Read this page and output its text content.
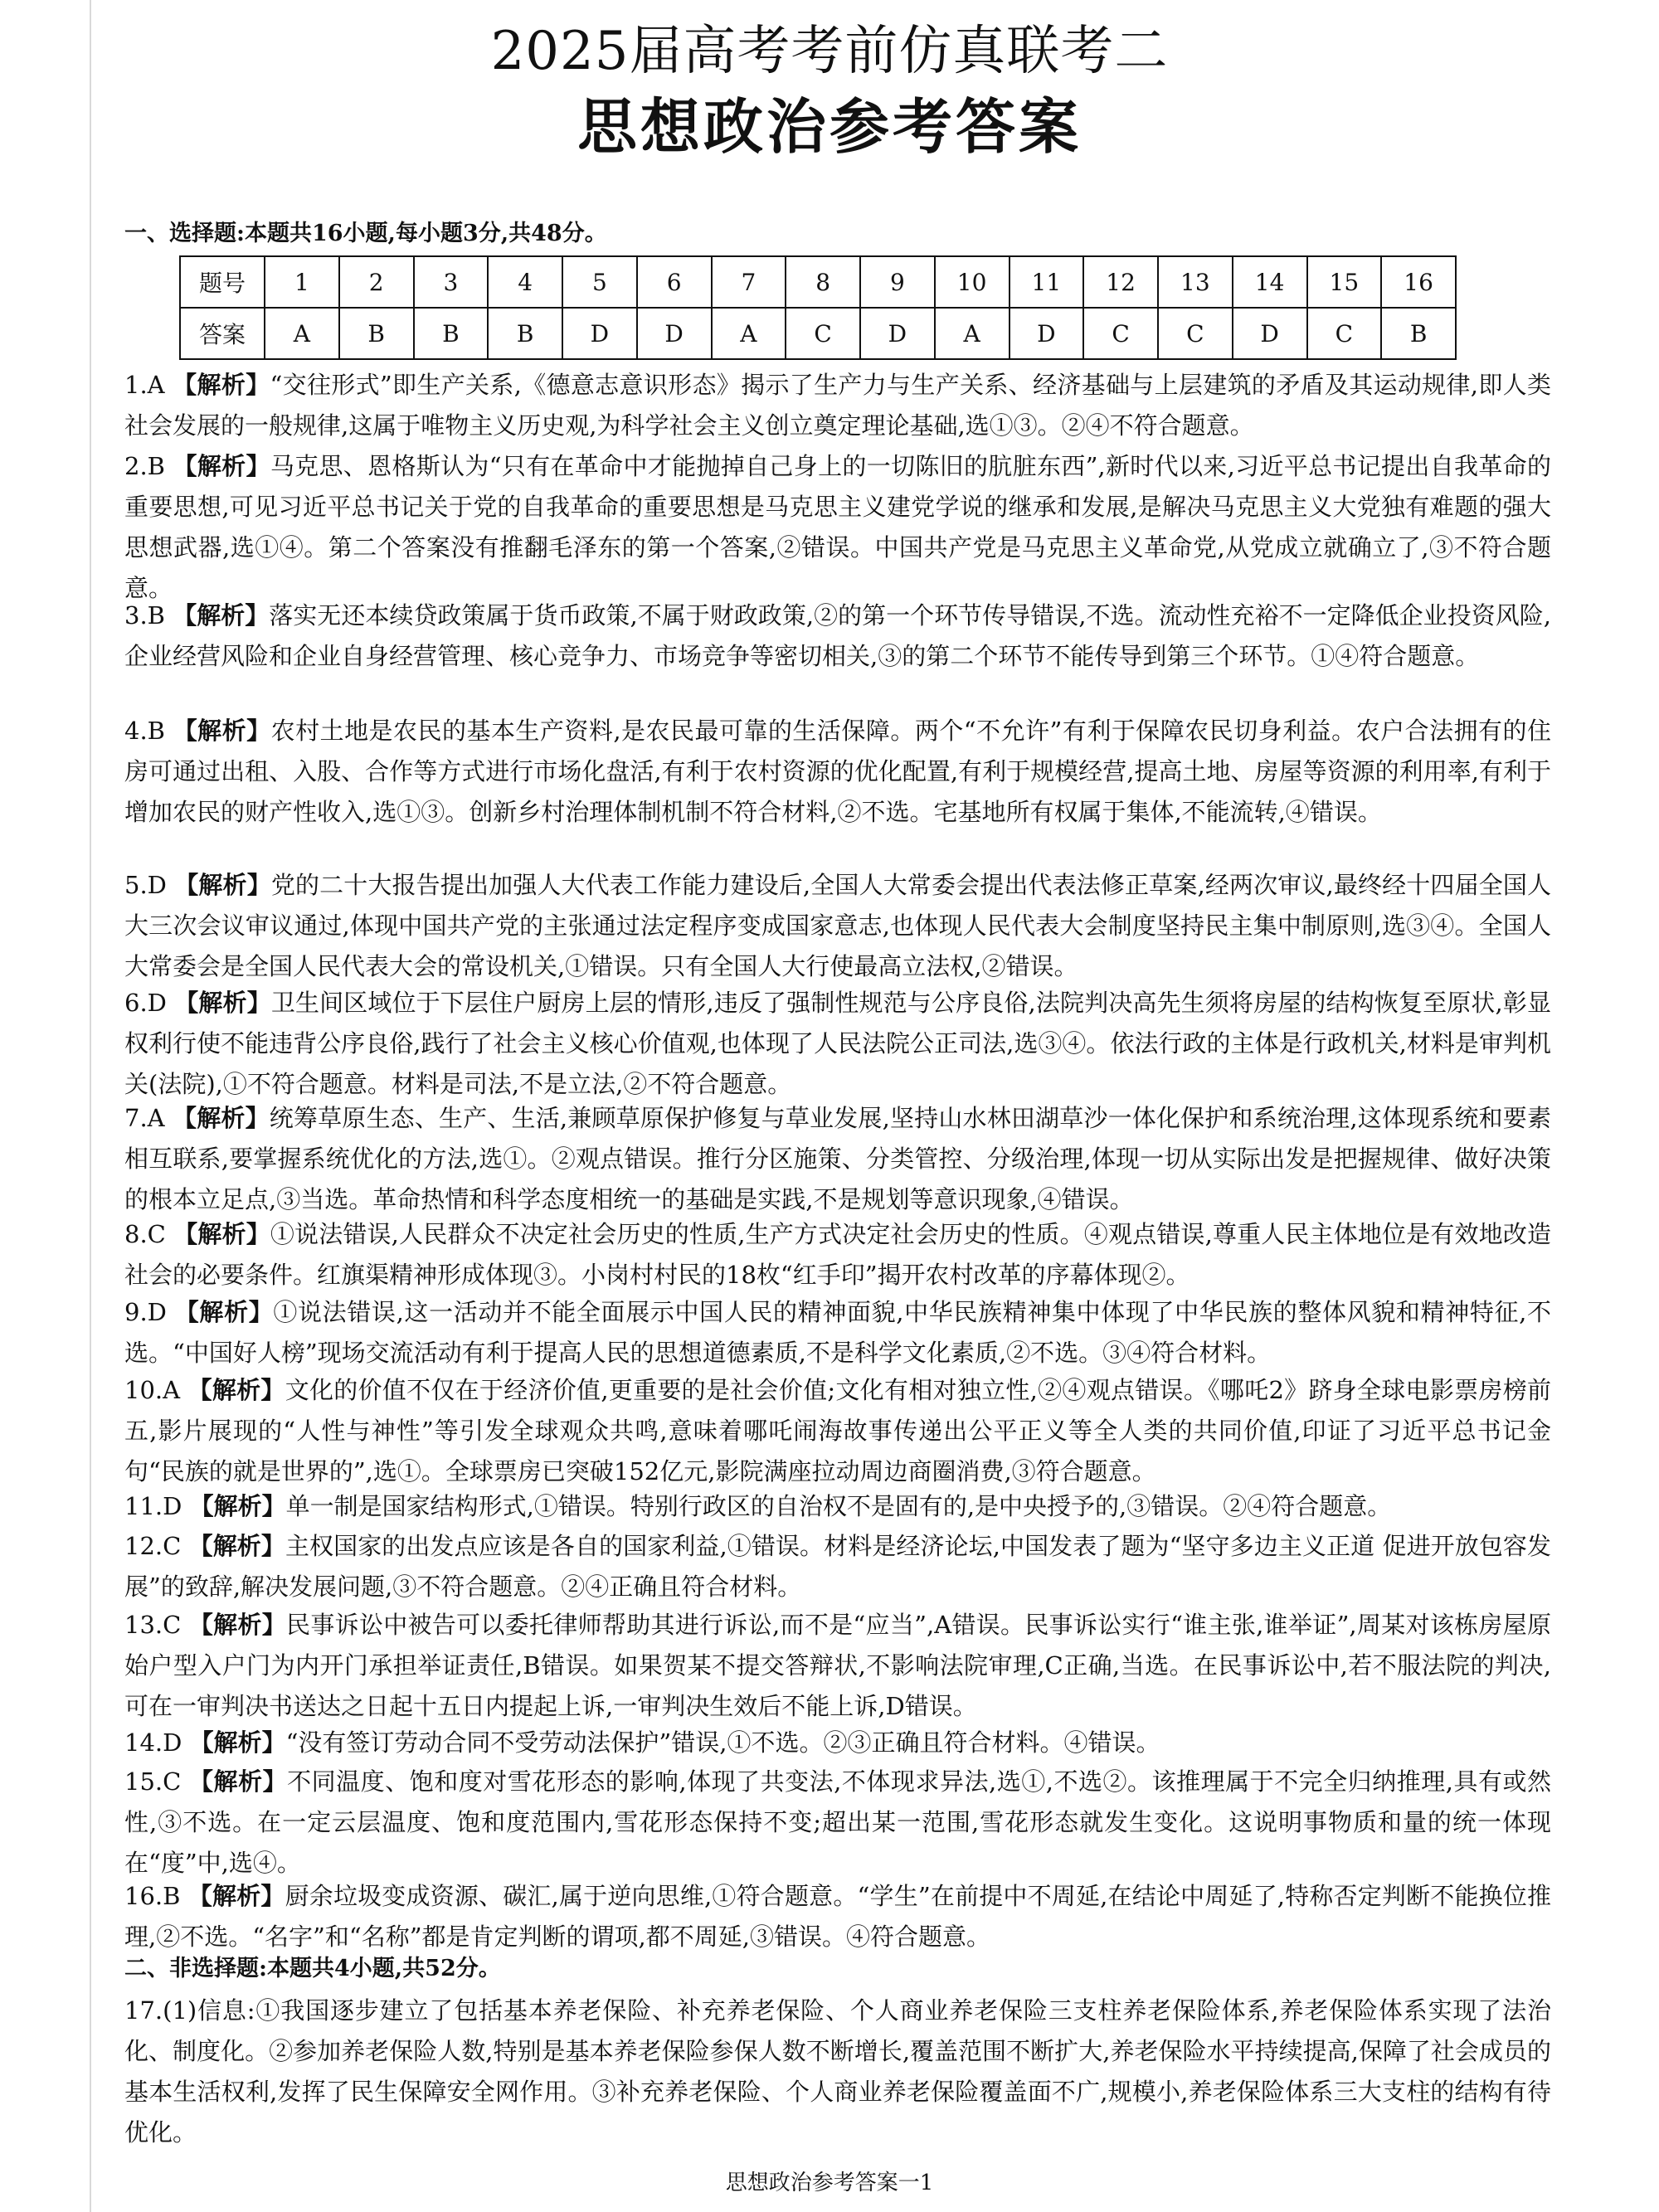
2025届高考考前仿真联考二
思想政治参考答案
一、选择题:本题共16小题,每小题3分,共48分。
题号	1	2	3	4	5	6	7	8	9	10	11	12	13	14	15	16
答案	A	B	B	B	D	D	A	C	D	A	D	C	C	D	C	B
1.A 【解析】“交往形式”即生产关系,《德意志意识形态》揭示了生产力与生产关系、经济基础与上层建筑的矛盾及其运动规律,即人类社会发展的一般规律,这属于唯物主义历史观,为科学社会主义创立奠定理论基础,选①③。②④不符合题意。
2.B 【解析】马克思、恩格斯认为“只有在革命中才能抛掉自己身上的一切陈旧的肮脏东西”,新时代以来,习近平总书记提出自我革命的重要思想,可见习近平总书记关于党的自我革命的重要思想是马克思主义建党学说的继承和发展,是解决马克思主义大党独有难题的强大思想武器,选①④。第二个答案没有推翻毛泽东的第一个答案,②错误。中国共产党是马克思主义革命党,从党成立就确立了,③不符合题意。
3.B 【解析】落实无还本续贷政策属于货币政策,不属于财政政策,②的第一个环节传导错误,不选。流动性充裕不一定降低企业投资风险,企业经营风险和企业自身经营管理、核心竞争力、市场竞争等密切相关,③的第二个环节不能传导到第三个环节。①④符合题意。
4.B 【解析】农村土地是农民的基本生产资料,是农民最可靠的生活保障。两个“不允许”有利于保障农民切身利益。农户合法拥有的住房可通过出租、入股、合作等方式进行市场化盘活,有利于农村资源的优化配置,有利于规模经营,提高土地、房屋等资源的利用率,有利于增加农民的财产性收入,选①③。创新乡村治理体制机制不符合材料,②不选。宅基地所有权属于集体,不能流转,④错误。
5.D 【解析】党的二十大报告提出加强人大代表工作能力建设后,全国人大常委会提出代表法修正草案,经两次审议,最终经十四届全国人大三次会议审议通过,体现中国共产党的主张通过法定程序变成国家意志,也体现人民代表大会制度坚持民主集中制原则,选③④。全国人大常委会是全国人民代表大会的常设机关,①错误。只有全国人大行使最高立法权,②错误。
6.D 【解析】卫生间区域位于下层住户厨房上层的情形,违反了强制性规范与公序良俗,法院判决高先生须将房屋的结构恢复至原状,彰显权利行使不能违背公序良俗,践行了社会主义核心价值观,也体现了人民法院公正司法,选③④。依法行政的主体是行政机关,材料是审判机关(法院),①不符合题意。材料是司法,不是立法,②不符合题意。
7.A 【解析】统筹草原生态、生产、生活,兼顾草原保护修复与草业发展,坚持山水林田湖草沙一体化保护和系统治理,这体现系统和要素相互联系,要掌握系统优化的方法,选①。②观点错误。推行分区施策、分类管控、分级治理,体现一切从实际出发是把握规律、做好决策的根本立足点,③当选。革命热情和科学态度相统一的基础是实践,不是规划等意识现象,④错误。
8.C 【解析】①说法错误,人民群众不决定社会历史的性质,生产方式决定社会历史的性质。④观点错误,尊重人民主体地位是有效地改造社会的必要条件。红旗渠精神形成体现③。小岗村村民的18枚“红手印”揭开农村改革的序幕体现②。
9.D 【解析】①说法错误,这一活动并不能全面展示中国人民的精神面貌,中华民族精神集中体现了中华民族的整体风貌和精神特征,不选。“中国好人榜”现场交流活动有利于提高人民的思想道德素质,不是科学文化素质,②不选。③④符合材料。
10.A 【解析】文化的价值不仅在于经济价值,更重要的是社会价值;文化有相对独立性,②④观点错误。《哪吒2》跻身全球电影票房榜前五,影片展现的“人性与神性”等引发全球观众共鸣,意味着哪吒闹海故事传递出公平正义等全人类的共同价值,印证了习近平总书记金句“民族的就是世界的”,选①。全球票房已突破152亿元,影院满座拉动周边商圈消费,③符合题意。
11.D 【解析】单一制是国家结构形式,①错误。特别行政区的自治权不是固有的,是中央授予的,③错误。②④符合题意。
12.C 【解析】主权国家的出发点应该是各自的国家利益,①错误。材料是经济论坛,中国发表了题为“坚守多边主义正道 促进开放包容发展”的致辞,解决发展问题,③不符合题意。②④正确且符合材料。
13.C 【解析】民事诉讼中被告可以委托律师帮助其进行诉讼,而不是“应当”,A错误。民事诉讼实行“谁主张,谁举证”,周某对该栋房屋原始户型入户门为内开门承担举证责任,B错误。如果贺某不提交答辩状,不影响法院审理,C正确,当选。在民事诉讼中,若不服法院的判决,可在一审判决书送达之日起十五日内提起上诉,一审判决生效后不能上诉,D错误。
14.D 【解析】“没有签订劳动合同不受劳动法保护”错误,①不选。②③正确且符合材料。④错误。
15.C 【解析】不同温度、饱和度对雪花形态的影响,体现了共变法,不体现求异法,选①,不选②。该推理属于不完全归纳推理,具有或然性,③不选。在一定云层温度、饱和度范围内,雪花形态保持不变;超出某一范围,雪花形态就发生变化。这说明事物质和量的统一体现在“度”中,选④。
16.B 【解析】厨余垃圾变成资源、碳汇,属于逆向思维,①符合题意。“学生”在前提中不周延,在结论中周延了,特称否定判断不能换位推理,②不选。“名字”和“名称”都是肯定判断的谓项,都不周延,③错误。④符合题意。
二、非选择题:本题共4小题,共52分。
17.(1)信息:①我国逐步建立了包括基本养老保险、补充养老保险、个人商业养老保险三支柱养老保险体系,养老保险体系实现了法治化、制度化。②参加养老保险人数,特别是基本养老保险参保人数不断增长,覆盖范围不断扩大,养老保险水平持续提高,保障了社会成员的基本生活权利,发挥了民生保障安全网作用。③补充养老保险、个人商业养老保险覆盖面不广,规模小,养老保险体系三大支柱的结构有待优化。
思想政治参考答案一1
